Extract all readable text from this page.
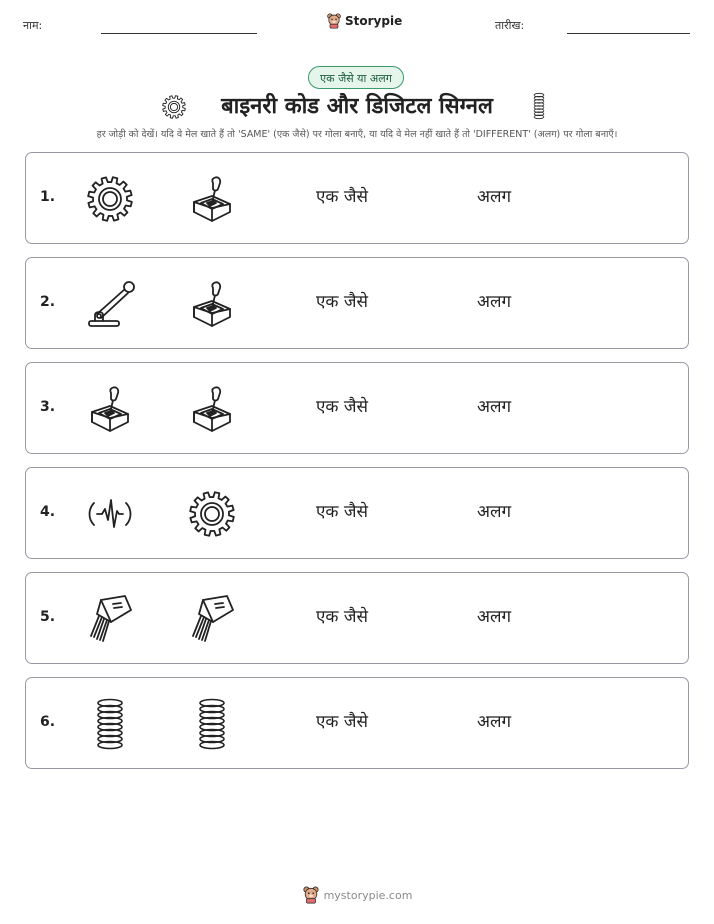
नाम:	Storypie	तारीख:
एक जैसे या अलग
बाइनरी कोड और डिजिटल सिग्नल
हर जोड़ी को देखें। यदि वे मेल खाते हैं तो 'SAME' (एक जैसे) पर गोला बनाएँ, या यदि वे मेल नहीं खाते हैं तो 'DIFFERENT' (अलग) पर गोला बनाएँ।
1.	एक जैसे	अलग
2.	एक जैसे	अलग
3.	एक जैसे	अलग
4.	एक जैसे	अलग
5.	एक जैसे	अलग
6.	एक जैसे	अलग
mystorypie.com
